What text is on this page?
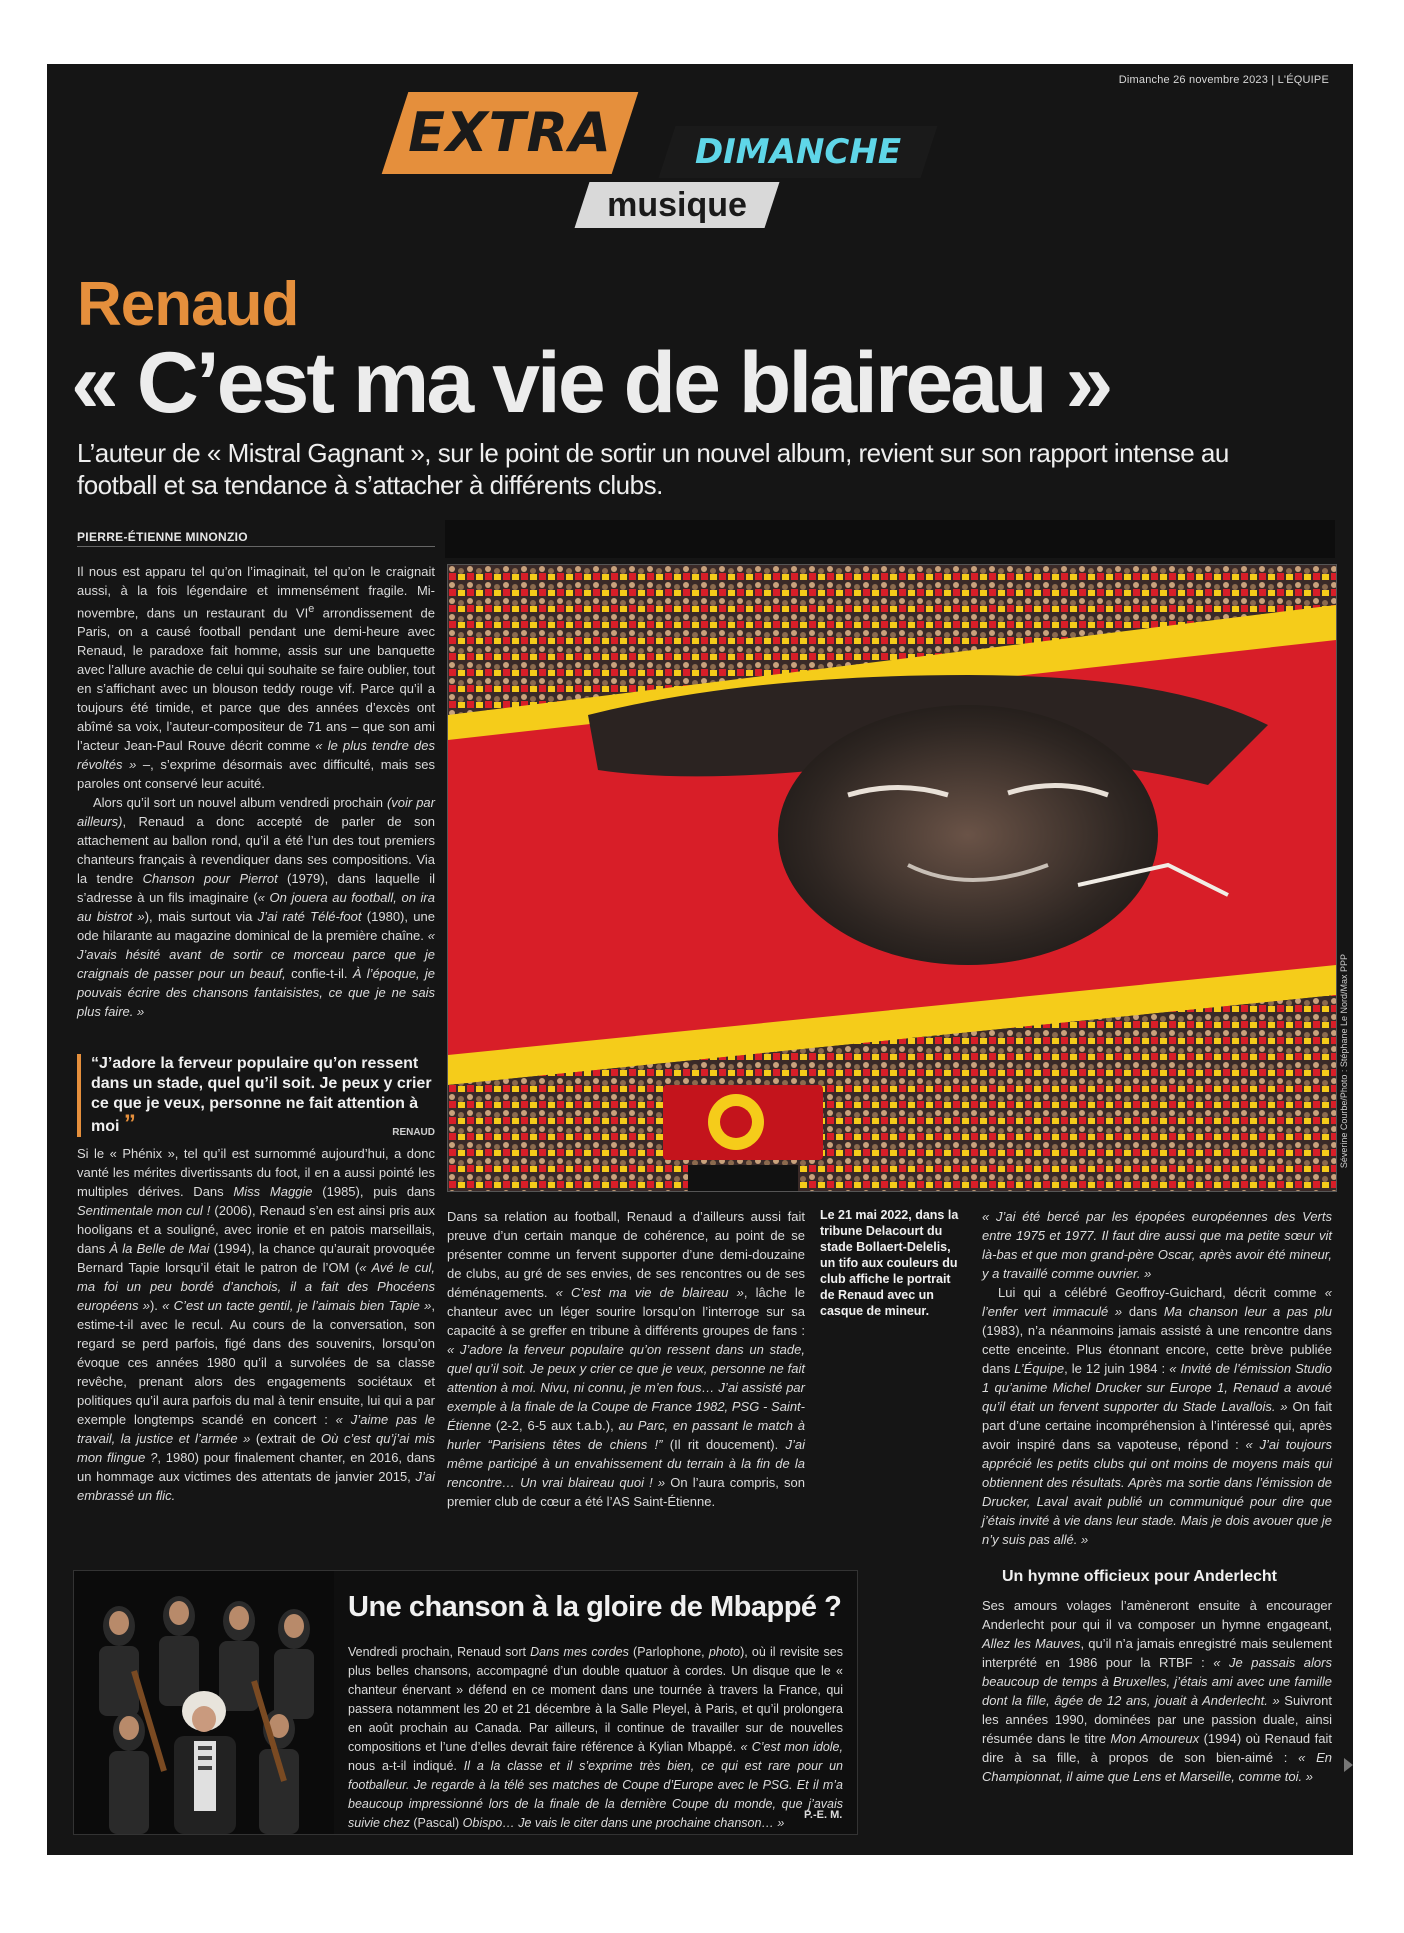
Dimanche 26 novembre 2023 | L'ÉQUIPE
EXTRA	DIMANCHE
musique
Renaud
« C’est ma vie de blaireau »
L’auteur de « Mistral Gagnant », sur le point de sortir un nouvel album, revient sur son rapport intense au football et sa tendance à s’attacher à différents clubs.
PIERRE-ÉTIENNE MINONZIO

Il nous est apparu tel qu’on l’imaginait, tel qu’on le craignait aussi, à la fois légendaire et immensément fragile. Mi-novembre, dans un restaurant du VIe arrondissement de Paris, on a causé football pendant une demi-heure avec Renaud, le paradoxe fait homme, assis sur une banquette avec l’allure avachie de celui qui souhaite se faire oublier, tout en s’affichant avec un blouson teddy rouge vif. Parce qu’il a toujours été timide, et parce que des années d’excès ont abîmé sa voix, l’auteur-compositeur de 71 ans – que son ami l’acteur Jean-Paul Rouve décrit comme « le plus tendre des révoltés » –, s’exprime désormais avec difficulté, mais ses paroles ont conservé leur acuité.

Alors qu’il sort un nouvel album vendredi prochain (voir par ailleurs), Renaud a donc accepté de parler de son attachement au ballon rond, qu’il a été l’un des tout premiers chanteurs français à revendiquer dans ses compositions. Via la tendre Chanson pour Pierrot (1979), dans laquelle il s’adresse à un fils imaginaire (« On jouera au football, on ira au bistrot »), mais surtout via J’ai raté Télé-foot (1980), une ode hilarante au magazine dominical de la première chaîne. « J’avais hésité avant de sortir ce morceau parce que je craignais de passer pour un beauf, confie-t-il. À l’époque, je pouvais écrire des chansons fantaisistes, ce que je ne sais plus faire. »

“J’adore la ferveur populaire qu’on ressent dans un stade, quel qu’il soit. Je peux y crier ce que je veux, personne ne fait attention à moi ”	RENAUD

Si le « Phénix », tel qu’il est surnommé aujourd’hui, a donc vanté les mérites divertissants du foot, il en a aussi pointé les multiples dérives. Dans Miss Maggie (1985), puis dans Sentimentale mon cul ! (2006), Renaud s’en est ainsi pris aux hooligans et a souligné, avec ironie et en patois marseillais, dans À la Belle de Mai (1994), la chance qu’aurait provoquée Bernard Tapie lorsqu’il était le patron de l’OM (« Avé le cul, ma foi un peu bordé d’anchois, il a fait des Phocéens européens »). « C’est un tacte gentil, je l’aimais bien Tapie », estime-t-il avec le recul. Au cours de la conversation, son regard se perd parfois, figé dans des souvenirs, lorsqu’on évoque ces années 1980 qu’il a survolées de sa classe revêche, prenant alors des engagements sociétaux et politiques qu’il aura parfois du mal à tenir ensuite, lui qui a par exemple longtemps scandé en concert : « J’aime pas le travail, la justice et l’armée » (extrait de Où c’est qu’j’ai mis mon flingue ?, 1980) pour finalement chanter, en 2016, dans un hommage aux victimes des attentats de janvier 2015, J’ai embrassé un flic.

Séverine Courbe/Photo : Stéphane Le Nord/Max PPP

Dans sa relation au football, Renaud a d’ailleurs aussi fait preuve d’un certain manque de cohérence, au point de se présenter comme un fervent supporter d’une demi-douzaine de clubs, au gré de ses envies, de ses rencontres ou de ses déménagements. « C’est ma vie de blaireau », lâche le chanteur avec un léger sourire lorsqu’on l’interroge sur sa capacité à se greffer en tribune à différents groupes de fans : « J’adore la ferveur populaire qu’on ressent dans un stade, quel qu’il soit. Je peux y crier ce que je veux, personne ne fait attention à moi. Nivu, ni connu, je m’en fous… J’ai assisté par exemple à la finale de la Coupe de France 1982, PSG - Saint-Étienne (2-2, 6-5 aux t.a.b.), au Parc, en passant le match à hurler “Parisiens têtes de chiens !” (Il rit doucement). J’ai même participé à un envahissement du terrain à la fin de la rencontre… Un vrai blaireau quoi ! » On l’aura compris, son premier club de cœur a été l’AS Saint-Étienne.

Le 21 mai 2022, dans la tribune Delacourt du stade Bollaert-Delelis, un tifo aux couleurs du club affiche le portrait de Renaud avec un casque de mineur.

« J’ai été bercé par les épopées européennes des Verts entre 1975 et 1977. Il faut dire aussi que ma petite sœur vit là-bas et que mon grand-père Oscar, après avoir été mineur, y a travaillé comme ouvrier. »

Lui qui a célébré Geoffroy-Guichard, décrit comme « l’enfer vert immaculé » dans Ma chanson leur a pas plu (1983), n’a néanmoins jamais assisté à une rencontre dans cette enceinte. Plus étonnant encore, cette brève publiée dans L’Équipe, le 12 juin 1984 : « Invité de l’émission Studio 1 qu’anime Michel Drucker sur Europe 1, Renaud a avoué qu’il était un fervent supporter du Stade Lavallois. » On fait part d’une certaine incompréhension à l’intéressé qui, après avoir inspiré dans sa vapoteuse, répond : « J’ai toujours apprécié les petits clubs qui ont moins de moyens mais qui obtiennent des résultats. Après ma sortie dans l’émission de Drucker, Laval avait publié un communiqué pour dire que j’étais invité à vie dans leur stade. Mais je dois avouer que je n’y suis pas allé. »

Un hymne officieux pour Anderlecht

Ses amours volages l’amèneront ensuite à encourager Anderlecht pour qui il va composer un hymne engageant, Allez les Mauves, qu’il n’a jamais enregistré mais seulement interprété en 1986 pour la RTBF : « Je passais alors beaucoup de temps à Bruxelles, j’étais ami avec une famille dont la fille, âgée de 12 ans, jouait à Anderlecht. » Suivront les années 1990, dominées par une passion duale, ainsi résumée dans le titre Mon Amoureux (1994) où Renaud fait dire à sa fille, à propos de son bien-aimé : « En Championnat, il aime que Lens et Marseille, comme toi. »

Une chanson à la gloire de Mbappé ?
Vendredi prochain, Renaud sort Dans mes cordes (Parlophone, photo), où il revisite ses plus belles chansons, accompagné d’un double quatuor à cordes. Un disque que le « chanteur énervant » défend en ce moment dans une tournée à travers la France, qui passera notamment les 20 et 21 décembre à la Salle Pleyel, à Paris, et qu’il prolongera en août prochain au Canada. Par ailleurs, il continue de travailler sur de nouvelles compositions et l’une d’elles devrait faire référence à Kylian Mbappé. « C’est mon idole, nous a-t-il indiqué. Il a la classe et il s’exprime très bien, ce qui est rare pour un footballeur. Je regarde à la télé ses matches de Coupe d’Europe avec le PSG. Et il m’a beaucoup impressionné lors de la finale de la dernière Coupe du monde, que j’avais suivie chez (Pascal) Obispo… Je vais le citer dans une prochaine chanson… »
P.-E. M.
